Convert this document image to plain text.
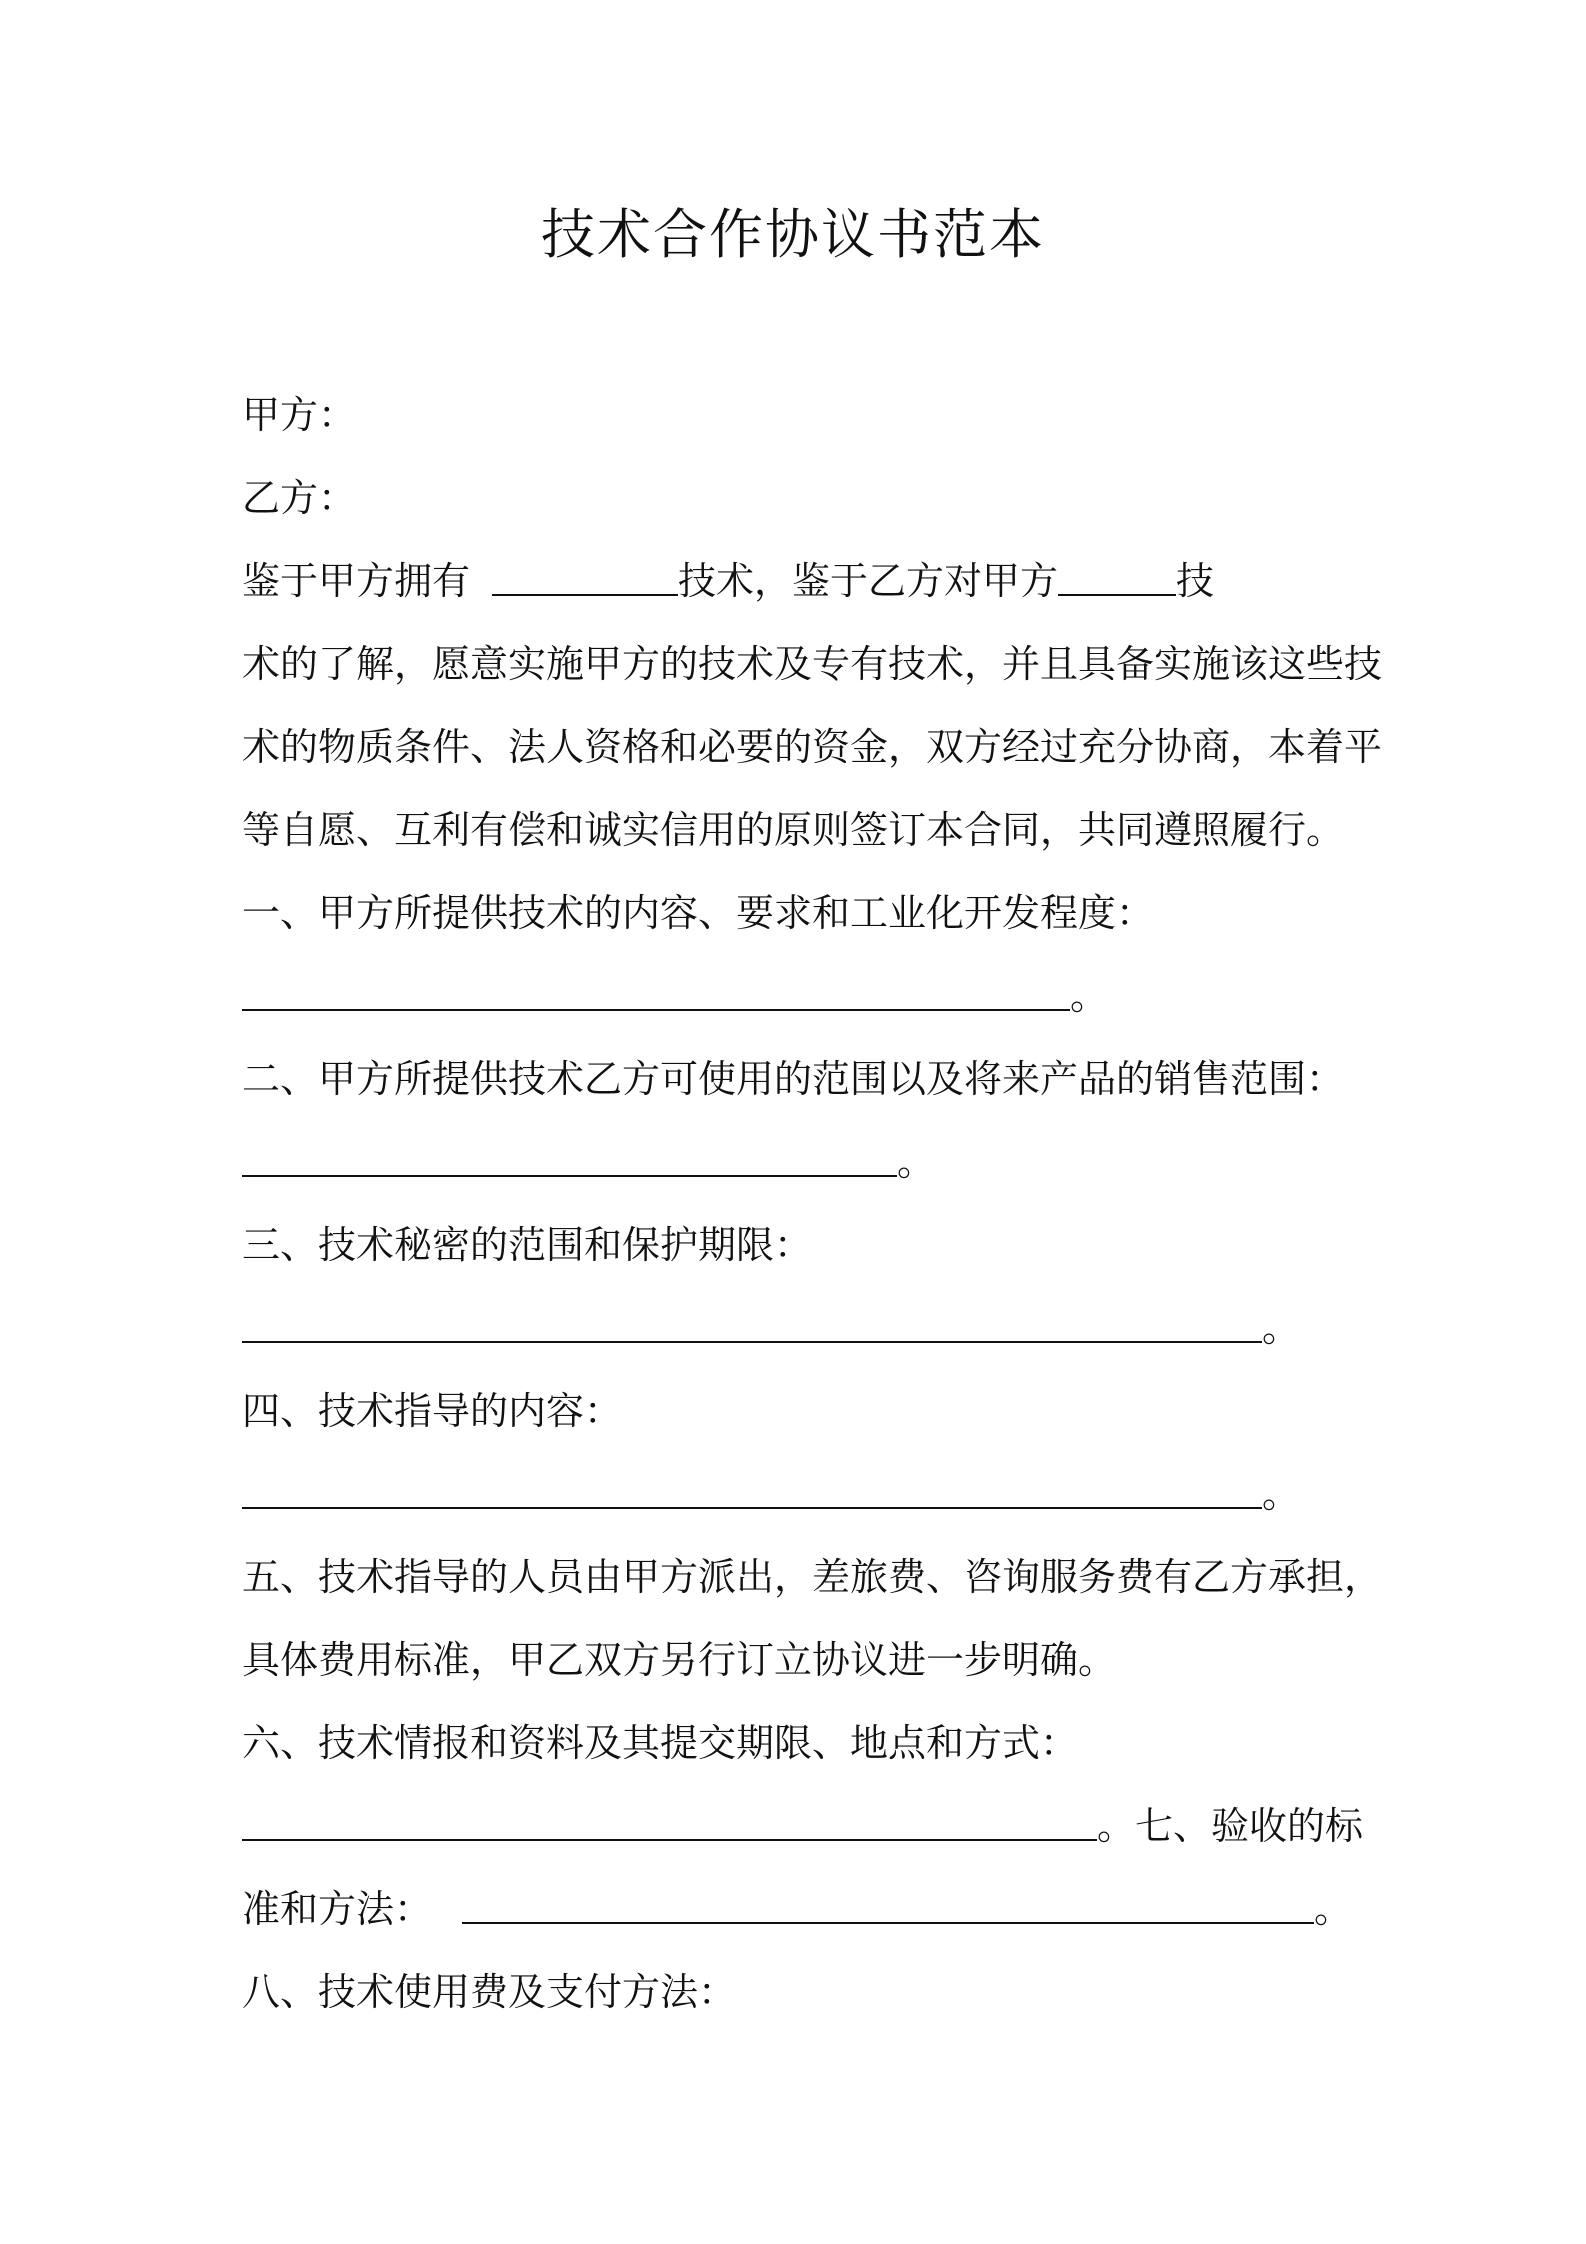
技术合作协议书范本
甲方：
乙方：
鉴于甲方拥有	技术，鉴于乙方对甲方	技
术的了解，愿意实施甲方的技术及专有技术，并且具备实施该这些技
术的物质条件、法人资格和必要的资金，双方经过充分协商，本着平
等自愿、互利有偿和诚实信用的原则签订本合同，共同遵照履行。
一、甲方所提供技术的内容、要求和工业化开发程度：
。
二、甲方所提供技术乙方可使用的范围以及将来产品的销售范围：
。
三、技术秘密的范围和保护期限：
。
四、技术指导的内容：
。
五、技术指导的人员由甲方派出，差旅费、咨询服务费有乙方承担，
具体费用标准，甲乙双方另行订立协议进一步明确。
六、技术情报和资料及其提交期限、地点和方式：
。七、验收的标
准和方法：	。
八、技术使用费及支付方法：
